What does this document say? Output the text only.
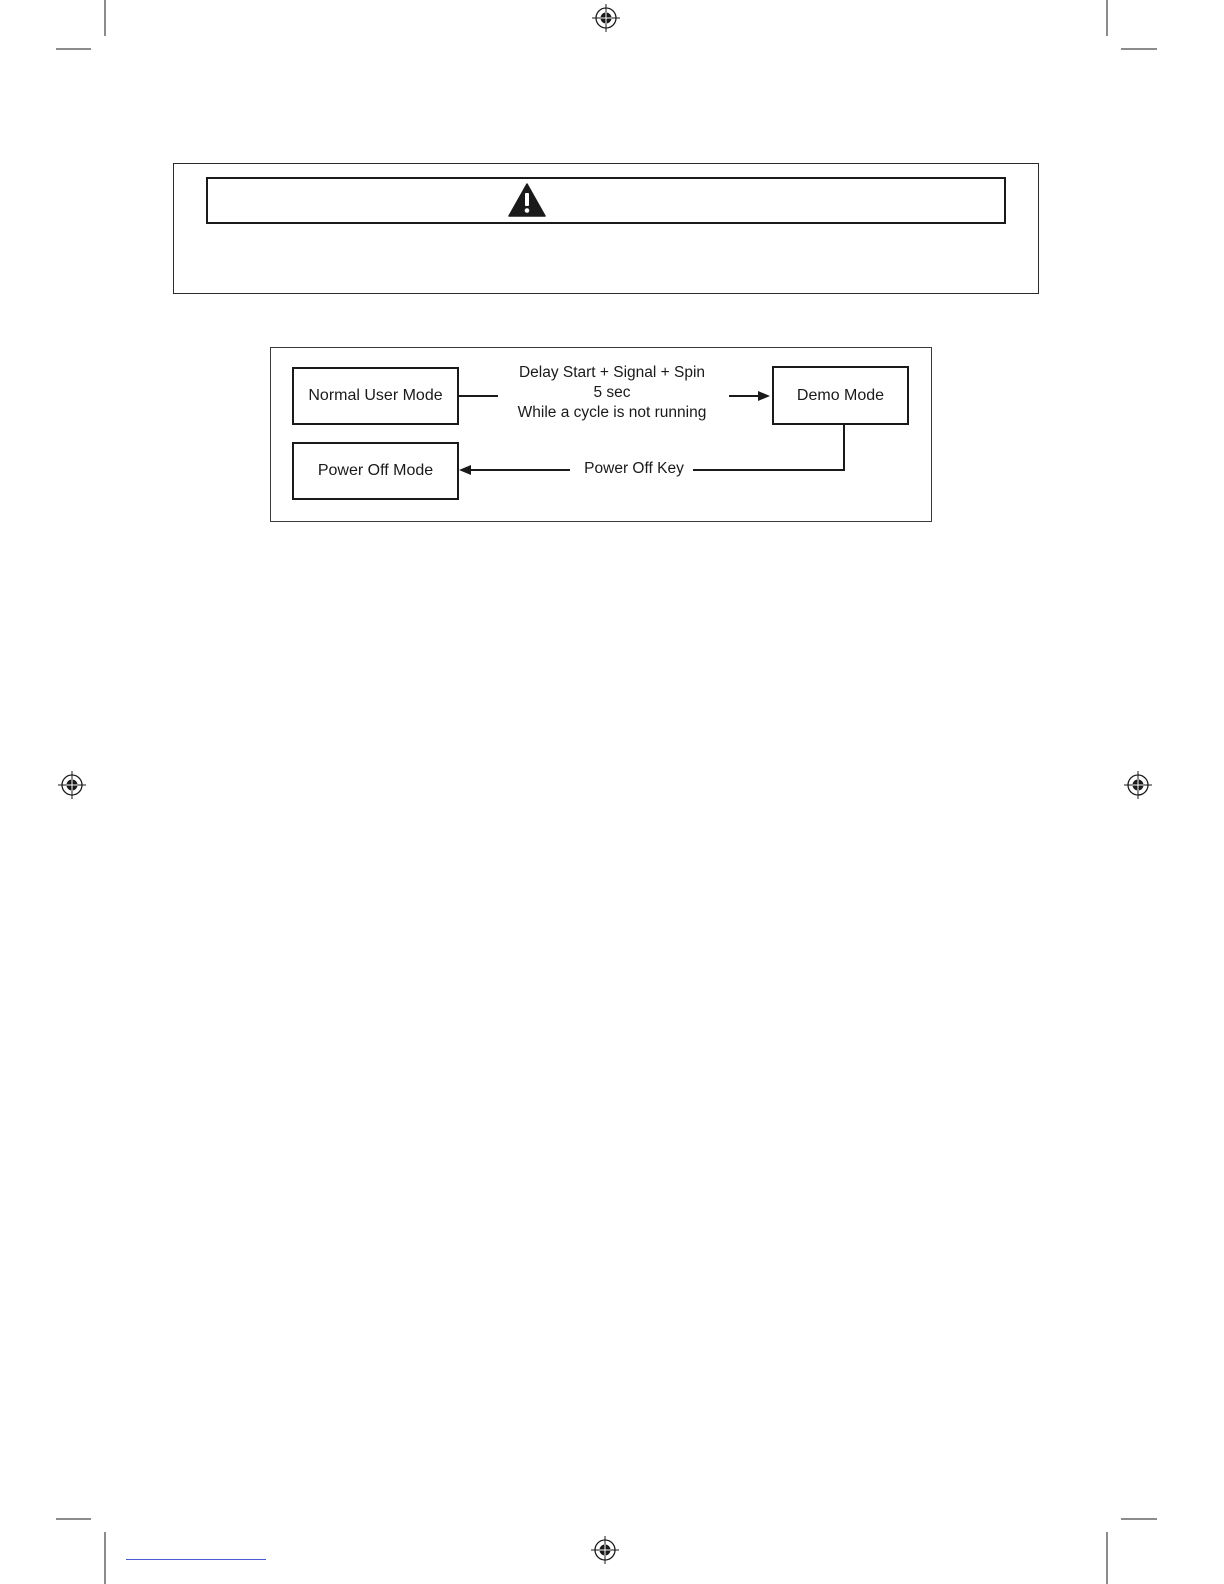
Normal User Mode	Demo Mode
Power Off Mode
Delay Start + Signal + Spin
5 sec
While a cycle is not running
Power Off Key
